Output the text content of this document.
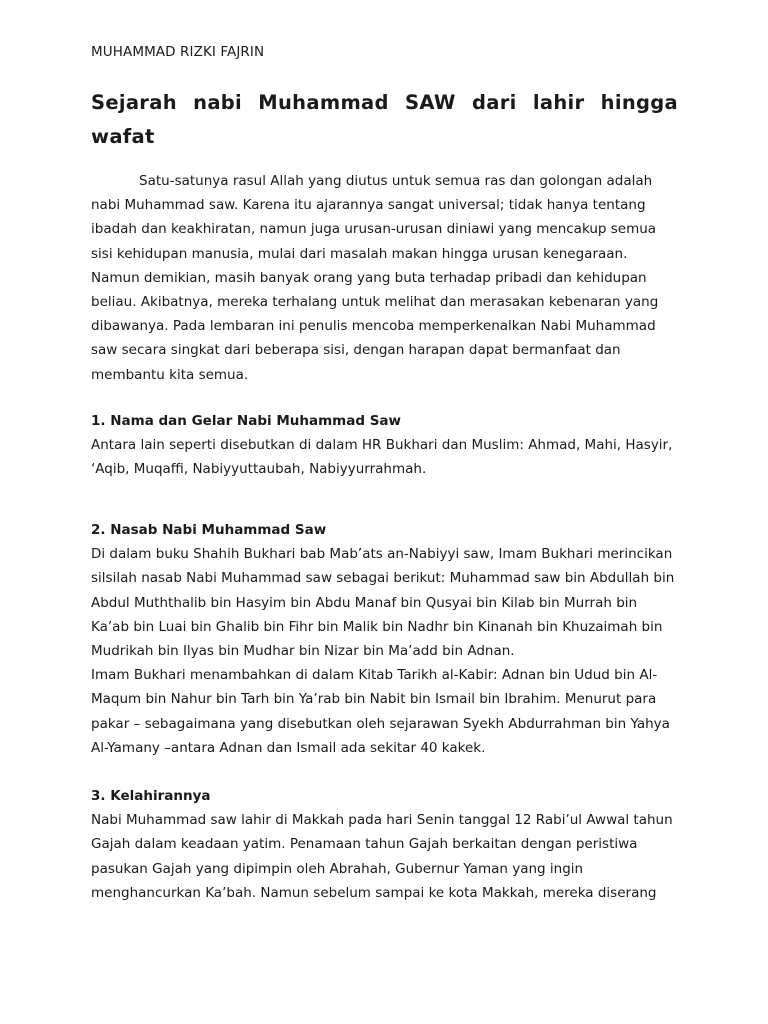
MUHAMMAD RIZKI FAJRIN
Sejarah nabi Muhammad SAW dari lahir hingga wafat
Satu-satunya rasul Allah yang diutus untuk semua ras dan golongan adalah
nabi Muhammad saw. Karena itu ajarannya sangat universal; tidak hanya tentang
ibadah dan keakhiratan, namun juga urusan-urusan diniawi yang mencakup semua
sisi kehidupan manusia, mulai dari masalah makan hingga urusan kenegaraan.
Namun demikian, masih banyak orang yang buta terhadap pribadi dan kehidupan
beliau. Akibatnya, mereka terhalang untuk melihat dan merasakan kebenaran yang
dibawanya. Pada lembaran ini penulis mencoba memperkenalkan Nabi Muhammad
saw secara singkat dari beberapa sisi, dengan harapan dapat bermanfaat dan
membantu kita semua.
1. Nama dan Gelar Nabi Muhammad Saw
Antara lain seperti disebutkan di dalam HR Bukhari dan Muslim: Ahmad, Mahi, Hasyir,
‘Aqib, Muqaffi, Nabiyyuttaubah, Nabiyyurrahmah.
2. Nasab Nabi Muhammad Saw
Di dalam buku Shahih Bukhari bab Mab’ats an-Nabiyyi saw, Imam Bukhari merincikan
silsilah nasab Nabi Muhammad saw sebagai berikut: Muhammad saw bin Abdullah bin
Abdul Muththalib bin Hasyim bin Abdu Manaf bin Qusyai bin Kilab bin Murrah bin
Ka’ab bin Luai bin Ghalib bin Fihr bin Malik bin Nadhr bin Kinanah bin Khuzaimah bin
Mudrikah bin Ilyas bin Mudhar bin Nizar bin Ma’add bin Adnan.
Imam Bukhari menambahkan di dalam Kitab Tarikh al-Kabir: Adnan bin Udud bin Al-
Maqum bin Nahur bin Tarh bin Ya’rab bin Nabit bin Ismail bin Ibrahim. Menurut para
pakar – sebagaimana yang disebutkan oleh sejarawan Syekh Abdurrahman bin Yahya
Al-Yamany –antara Adnan dan Ismail ada sekitar 40 kakek.
3. Kelahirannya
Nabi Muhammad saw lahir di Makkah pada hari Senin tanggal 12 Rabi’ul Awwal tahun
Gajah dalam keadaan yatim. Penamaan tahun Gajah berkaitan dengan peristiwa
pasukan Gajah yang dipimpin oleh Abrahah, Gubernur Yaman yang ingin
menghancurkan Ka’bah. Namun sebelum sampai ke kota Makkah, mereka diserang
